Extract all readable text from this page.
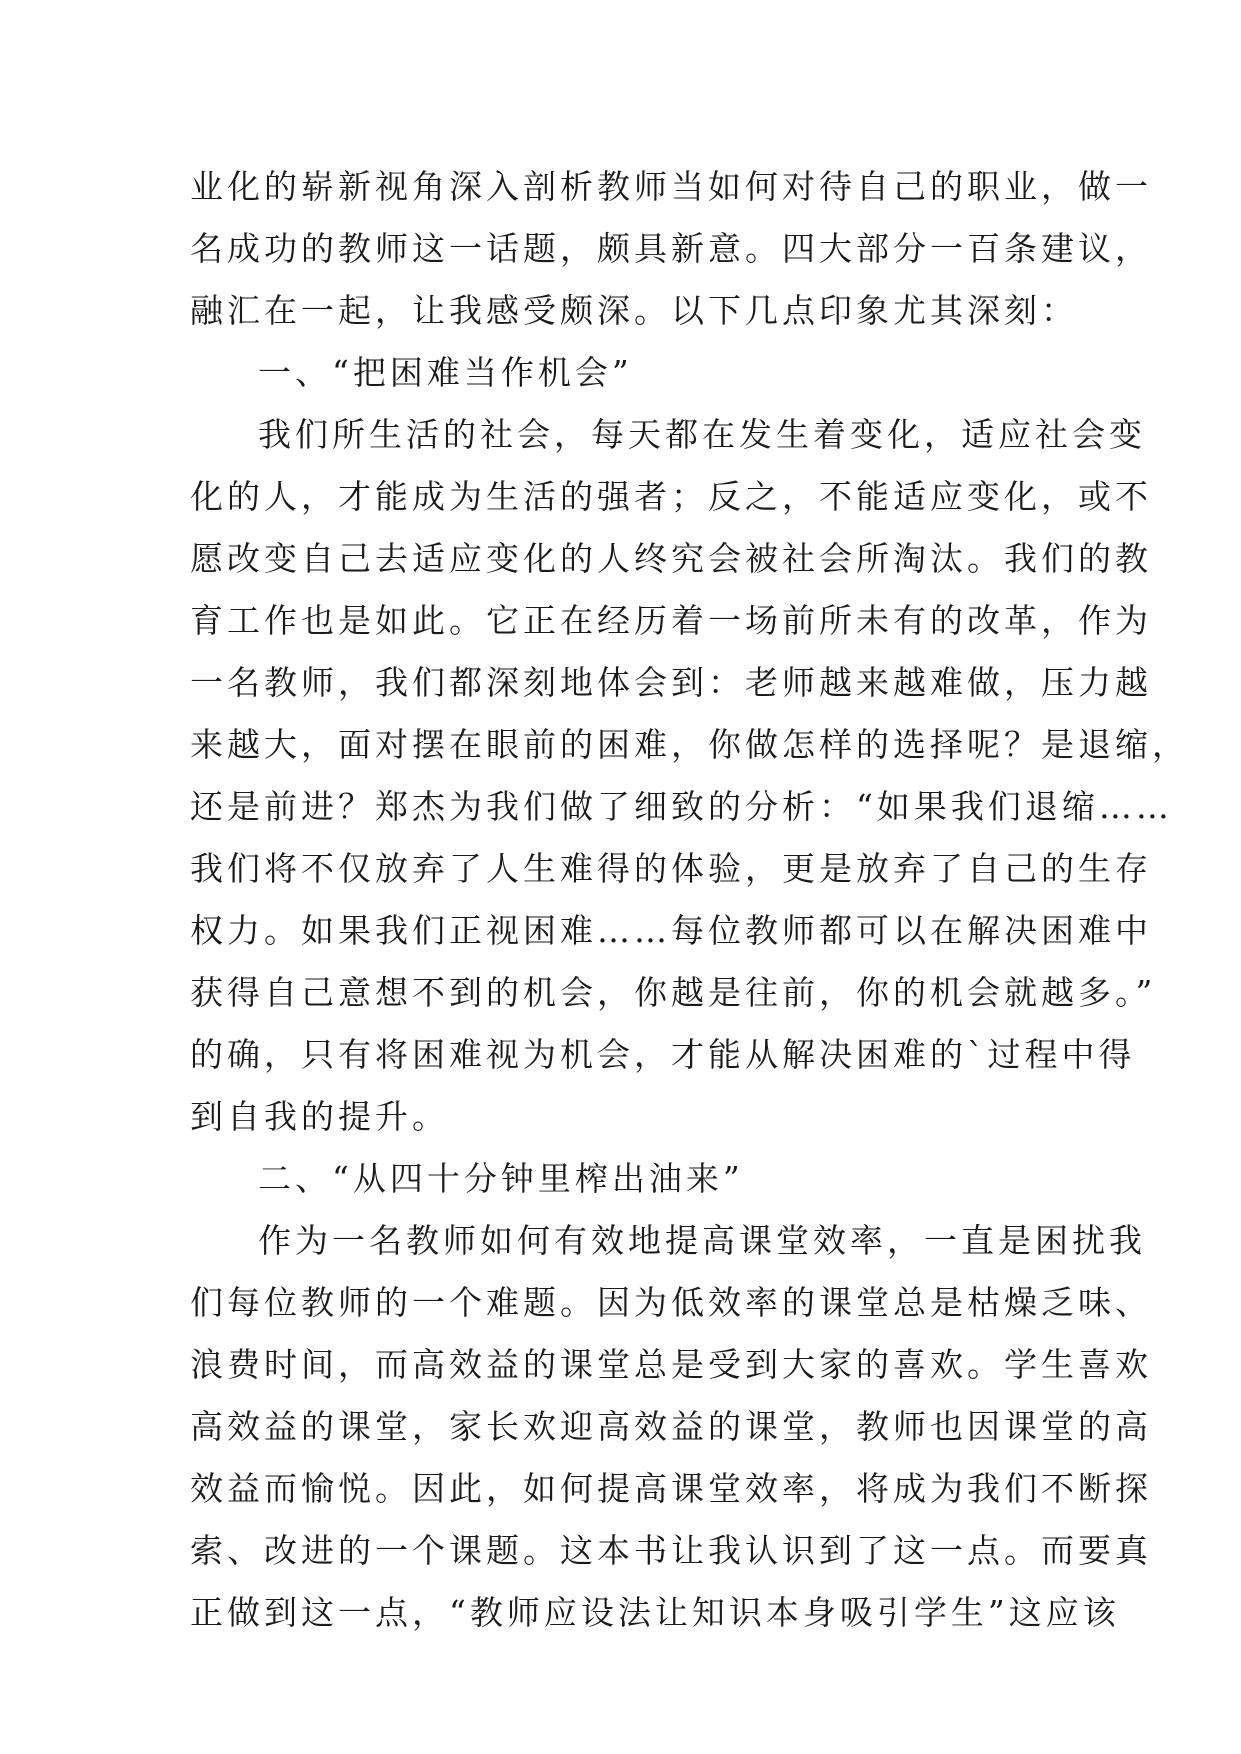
业化的崭新视角深入剖析教师当如何对待自己的职业，做一
名成功的教师这一话题，颇具新意。四大部分一百条建议，
融汇在一起，让我感受颇深。以下几点印象尤其深刻：
一、“把困难当作机会”
我们所生活的社会，每天都在发生着变化，适应社会变
化的人，才能成为生活的强者；反之，不能适应变化，或不
愿改变自己去适应变化的人终究会被社会所淘汰。我们的教
育工作也是如此。它正在经历着一场前所未有的改革，作为
一名教师，我们都深刻地体会到：老师越来越难做，压力越
来越大，面对摆在眼前的困难，你做怎样的选择呢？是退缩，
还是前进？郑杰为我们做了细致的分析：“如果我们退缩……
我们将不仅放弃了人生难得的体验，更是放弃了自己的生存
权力。如果我们正视困难……每位教师都可以在解决困难中
获得自己意想不到的机会，你越是往前，你的机会就越多。”
的确，只有将困难视为机会，才能从解决困难的`过程中得
到自我的提升。
二、“从四十分钟里榨出油来”
作为一名教师如何有效地提高课堂效率，一直是困扰我
们每位教师的一个难题。因为低效率的课堂总是枯燥乏味、
浪费时间，而高效益的课堂总是受到大家的喜欢。学生喜欢
高效益的课堂，家长欢迎高效益的课堂，教师也因课堂的高
效益而愉悦。因此，如何提高课堂效率，将成为我们不断探
索、改进的一个课题。这本书让我认识到了这一点。而要真
正做到这一点，“教师应设法让知识本身吸引学生”这应该
